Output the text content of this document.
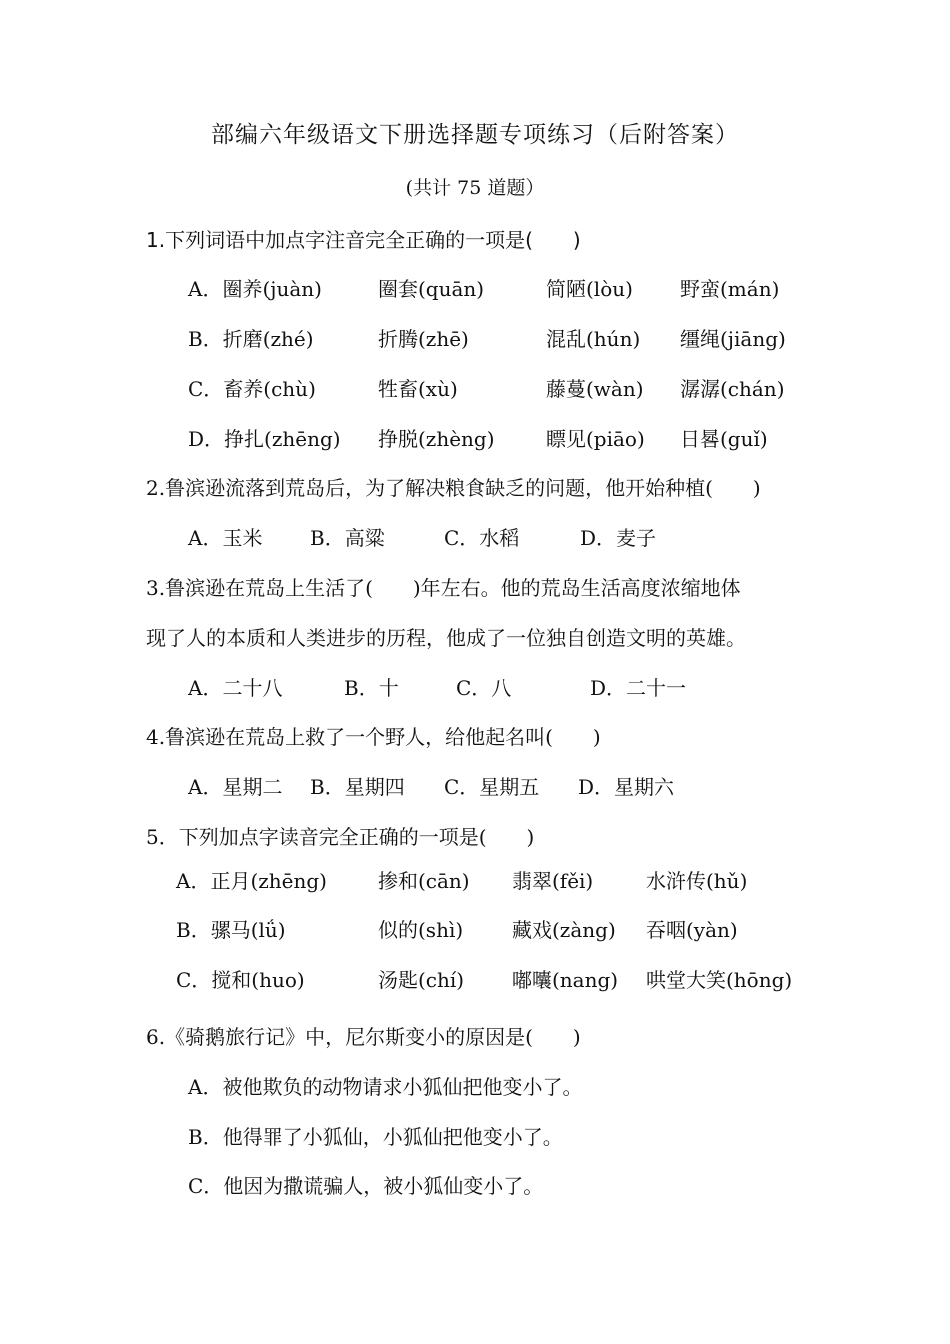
部编六年级语文下册选择题专项练习（后附答案）
(共计 75 道题）
1.下列词语中加点字注音完全正确的一项是(　　)
A．圈养(juàn)	圈套(quān)	简陋(lòu) 野蛮(mán)
B．折磨(zhé)	折腾(zhē)	混乱(hún) 缰绳(jiāng)
C．畜养(chù)	牲畜(xù)	藤蔓(wàn) 潺潺(chán)
D．挣扎(zhēng) 挣脱(zhèng)	瞟见(piāo) 日晷(guǐ)
2.鲁滨逊流落到荒岛后，为了解决粮食缺乏的问题，他开始种植(　　)
A．玉米 B．高粱	C．水稻	D．麦子
3.鲁滨逊在荒岛上生活了(　　)年左右。他的荒岛生活高度浓缩地体
现了人的本质和人类进步的历程，他成了一位独自创造文明的英雄。
A．二十八	B．十	C．八	D．二十一
4.鲁滨逊在荒岛上救了一个野人，给他起名叫(　　)
A．星期二 B．星期四 C．星期五 D．星期六
5．下列加点字读音完全正确的一项是(　　)
A．正月(zhēng)	掺和(cān) 翡翠(fěi)	水浒传(hǔ)
B．骡马(lǘ)	似的(shì) 藏戏(zàng) 吞咽(yàn)
C．搅和(huo)	汤匙(chí) 嘟囔(nang) 哄堂大笑(hōng)
6.《骑鹅旅行记》中，尼尔斯变小的原因是(　　)
A．被他欺负的动物请求小狐仙把他变小了。
B．他得罪了小狐仙，小狐仙把他变小了。
C．他因为撒谎骗人，被小狐仙变小了。
